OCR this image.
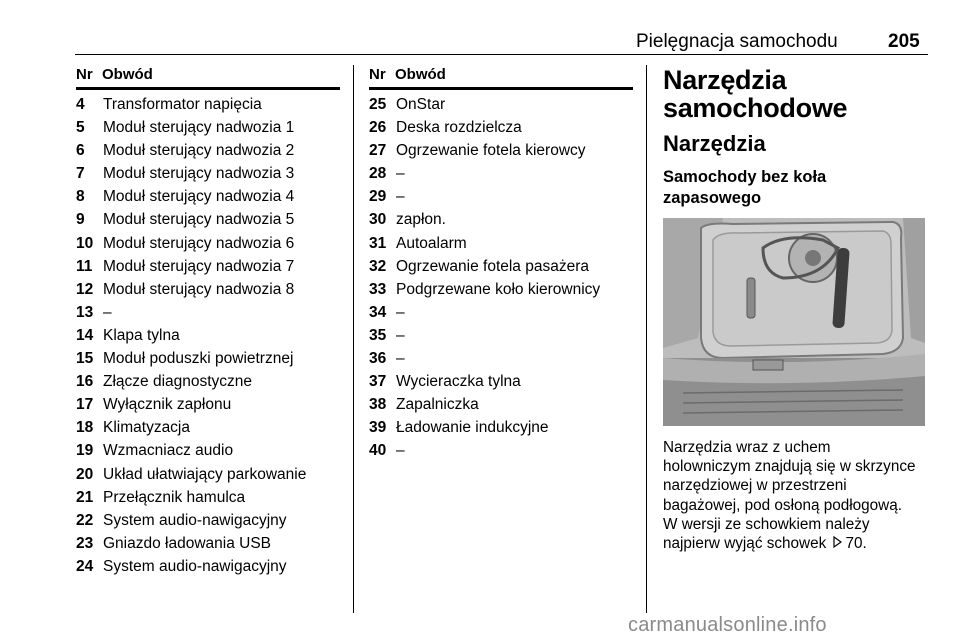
Pielęgnacja samochodu	205
Nr Obwód
4	Transformator napięcia
5	Moduł sterujący nadwozia 1
6	Moduł sterujący nadwozia 2
7	Moduł sterujący nadwozia 3
8	Moduł sterujący nadwozia 4
9	Moduł sterujący nadwozia 5
10 Moduł sterujący nadwozia 6
11 Moduł sterujący nadwozia 7
12 Moduł sterujący nadwozia 8
13 –
14 Klapa tylna
15 Moduł poduszki powietrznej
16 Złącze diagnostyczne
17 Wyłącznik zapłonu
18 Klimatyzacja
19 Wzmacniacz audio
20 Układ ułatwiający parkowanie
21 Przełącznik hamulca
22 System audio-nawigacyjny
23 Gniazdo ładowania USB
24 System audio-nawigacyjny
Nr Obwód
25 OnStar
26 Deska rozdzielcza
27 Ogrzewanie fotela kierowcy
28 –
29 –
30 zapłon.
31 Autoalarm
32 Ogrzewanie fotela pasażera
33 Podgrzewane koło kierownicy
34 –
35 –
36 –
37 Wycieraczka tylna
38 Zapalniczka
39 Ładowanie indukcyjne
40 –
Narzędzia
samochodowe
Narzędzia
Samochody bez koła
zapasowego
Narzędzia wraz z uchem
holowniczym znajdują się w skrzynce
narzędziowej w przestrzeni
bagażowej, pod osłoną podłogową.
W wersji ze schowkiem należy
najpierw wyjąć schowek 70.
carmanualsonline.info
